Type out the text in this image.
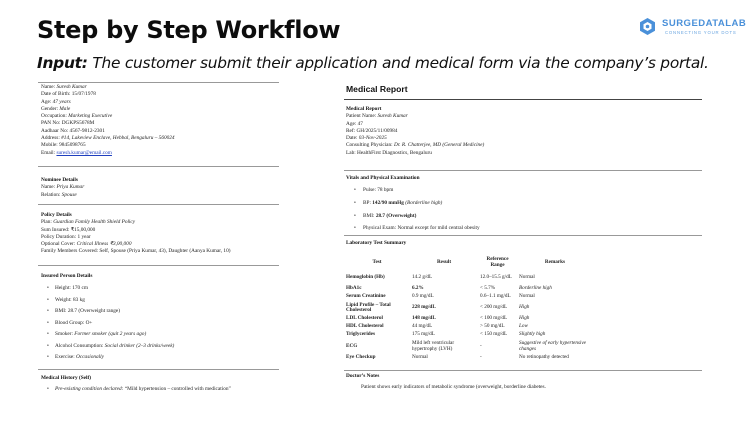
Step by Step Workflow
Input: The customer submit their application and medical form via the company’s portal.
SURGEDATALAB
CONNECTING YOUR DOTS
Name: Suresh Kumar
Date of Birth: 15/07/1978
Age: 47 years
Gender: Male
Occupation: Marketing Executive
PAN No: DGKPS5678M
Aadhaar No: 4567-9812-2301
Address: #14, Lakeview Enclave, Hebbal, Bengaluru – 560024
Mobile: 9845098765
Email: suresh.kumar@email.com
Nominee Details
Name: Priya Kumar
Relation: Spouse
Policy Details
Plan: Guardian Family Health Shield Policy
Sum Insured: ₹15,00,000
Policy Duration: 1 year
Optional Cover: Critical Illness ₹3,00,000
Family Members Covered: Self, Spouse (Priya Kumar, 43), Daughter (Aanya Kumar, 10)
Insured Person Details
• Height: 170 cm
• Weight: 83 kg
• BMI: 28.7 (Overweight range)
• Blood Group: O+
• Smoker: Former smoker (quit 2 years ago)
• Alcohol Consumption: Social drinker (2–3 drinks/week)
• Exercise: Occasionally
Medical History (Self)
• Pre-existing condition declared: “Mild hypertension – controlled with medication”
Medical Report
Medical Report
Patient Name: Suresh Kumar
Age: 47
Ref: GH/2025/11/00984
Date: 03-Nov-2025
Consulting Physician: Dr. R. Chatterjee, MD (General Medicine)
Lab: HealthFirst Diagnostics, Bengaluru
Vitals and Physical Examination
• Pulse: 78 bpm
• BP: 142/90 mmHg (Borderline high)
• BMI: 28.7 (Overweight)
• Physical Exam: Normal except for mild central obesity
Laboratory Test Summary
Test	Result	Reference Range	Remarks
Hemoglobin (Hb)	14.2 g/dL	12.0–15.5 g/dL	Normal
HbA1c	6.2%	< 5.7%	Borderline high
Serum Creatinine	0.9 mg/dL	0.6–1.1 mg/dL	Normal
Lipid Profile – Total Cholesterol	228 mg/dL	< 200 mg/dL	High
LDL Cholesterol	148 mg/dL	< 100 mg/dL	High
HDL Cholesterol	44 mg/dL	> 50 mg/dL	Low
Triglycerides	175 mg/dL	< 150 mg/dL	Slightly high
ECG	Mild left ventricular hypertrophy (LVH)	-	Suggestive of early hypertensive changes
Eye Checkup	Normal	-	No retinopathy detected
Doctor’s Notes
Patient shows early indicators of metabolic syndrome (overweight, borderline diabetes.
